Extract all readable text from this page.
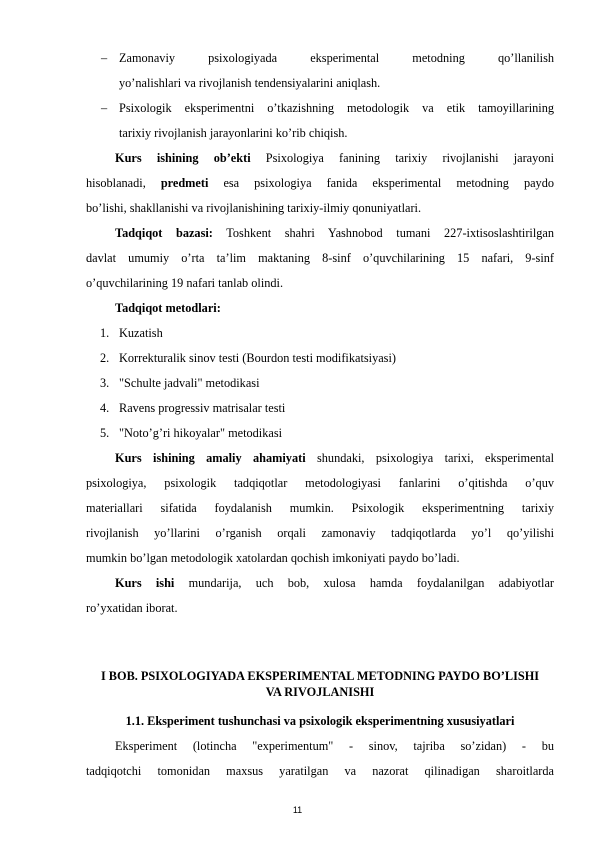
– Zamonaviy	psixologiyada	eksperimental	metodning	qo’llanilish
yo’nalishlari va rivojlanish tendensiyalarini aniqlash.
– Psixologik eksperimentni o’tkazishning metodologik va etik tamoyillarining
tarixiy rivojlanish jarayonlarini ko’rib chiqish.
Kurs ishining ob’ekti Psixologiya fanining tarixiy rivojlanishi jarayoni
hisoblanadi, predmeti esa psixologiya fanida eksperimental metodning paydo
bo’lishi, shakllanishi va rivojlanishining tarixiy-ilmiy qonuniyatlari.
Tadqiqot bazasi: Toshkent shahri Yashnobod tumani 227-ixtisoslashtirilgan
davlat umumiy o’rta ta’lim maktaning 8-sinf o’quvchilarining 15 nafari, 9-sinf
o’quvchilarining 19 nafari tanlab olindi.
Tadqiqot metodlari:
1. Kuzatish
2. Korrekturalik sinov testi (Bourdon testi modifikatsiyasi)
3. "Schulte jadvali" metodikasi
4. Ravens progressiv matrisalar testi
5. "Noto’g’ri hikoyalar" metodikasi
Kurs ishining amaliy ahamiyati shundaki, psixologiya tarixi, eksperimental
psixologiya, psixologik tadqiqotlar metodologiyasi fanlarini o’qitishda o’quv
materiallari sifatida foydalanish mumkin. Psixologik eksperimentning tarixiy
rivojlanish yo’llarini o’rganish orqali zamonaviy tadqiqotlarda yo’l qo’yilishi
mumkin bo’lgan metodologik xatolardan qochish imkoniyati paydo bo’ladi.
Kurs ishi mundarija, uch bob, xulosa hamda foydalanilgan adabiyotlar
ro’yxatidan iborat.
I BOB. PSIXOLOGIYADA EKSPERIMENTAL METODNING PAYDO BO’LISHI VA RIVOJLANISHI
1.1. Eksperiment tushunchasi va psixologik eksperimentning xususiyatlari
Eksperiment (lotincha "experimentum" - sinov, tajriba so’zidan) - bu
tadqiqotchi tomonidan maxsus yaratilgan va nazorat qilinadigan sharoitlarda
11
